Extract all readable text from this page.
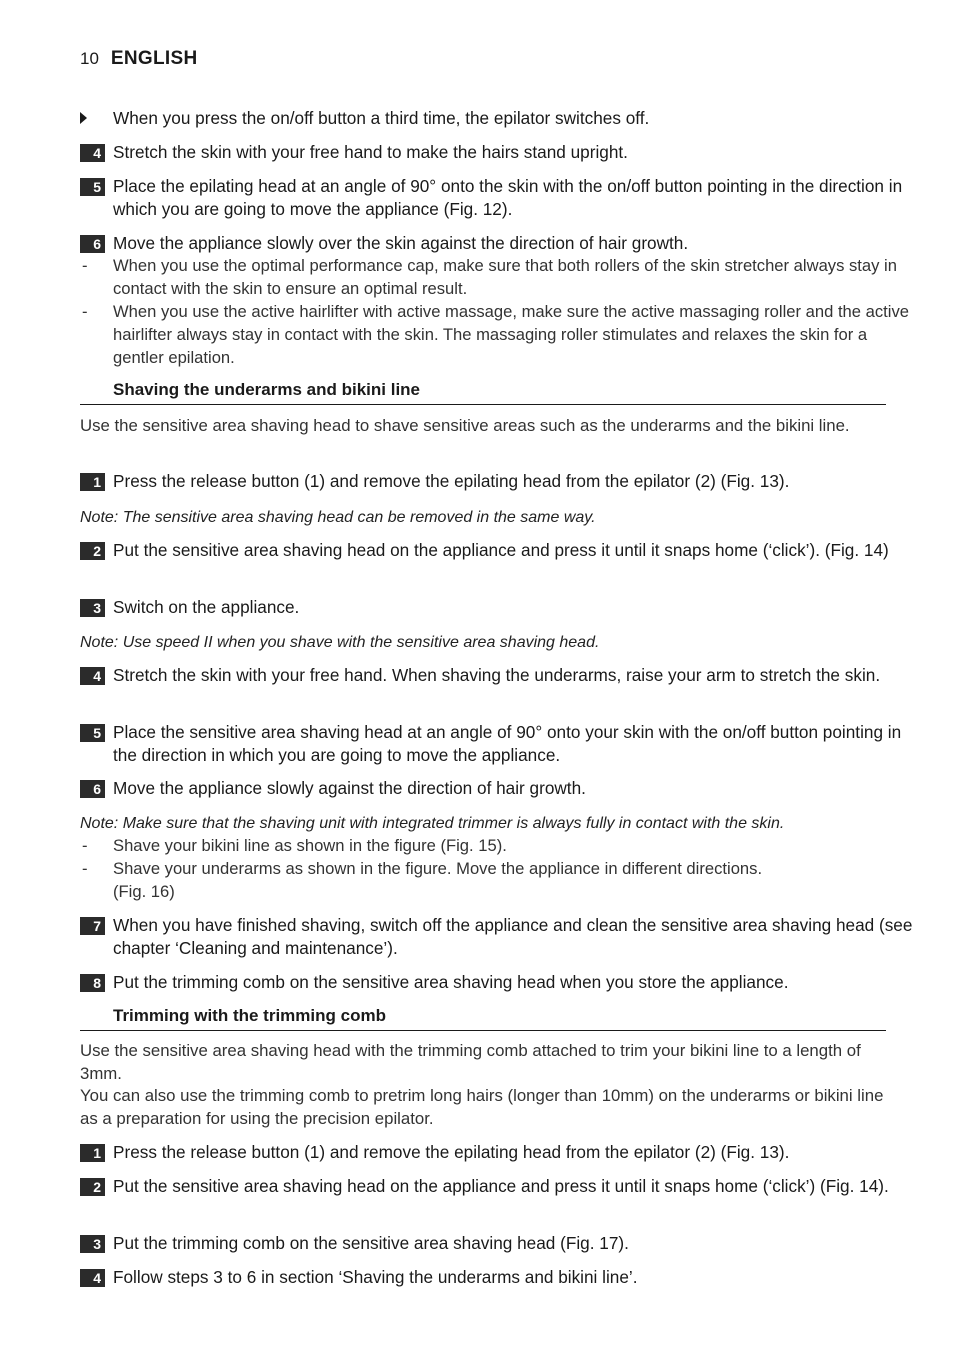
10 ENGLISH
When you press the on/off button a third time, the epilator switches off.
4 Stretch the skin with your free hand to make the hairs stand upright.
5 Place the epilating head at an angle of 90° onto the skin with the on/off button pointing in the direction in which you are going to move the appliance (Fig. 12).
6 Move the appliance slowly over the skin against the direction of hair growth.
- When you use the optimal performance cap, make sure that both rollers of the skin stretcher always stay in contact with the skin to ensure an optimal result.
- When you use the active hairlifter with active massage, make sure the active massaging roller and the active hairlifter always stay in contact with the skin. The massaging roller stimulates and relaxes the skin for a gentler epilation.
Shaving the underarms and bikini line
Use the sensitive area shaving head to shave sensitive areas such as the underarms and the bikini line.
1 Press the release button (1) and remove the epilating head from the epilator (2) (Fig. 13).
Note: The sensitive area shaving head can be removed in the same way.
2 Put the sensitive area shaving head on the appliance and press it until it snaps home (‘click’). (Fig. 14)
3 Switch on the appliance.
Note: Use speed II when you shave with the sensitive area shaving head.
4 Stretch the skin with your free hand. When shaving the underarms, raise your arm to stretch the skin.
5 Place the sensitive area shaving head at an angle of 90° onto your skin with the on/off button pointing in the direction in which you are going to move the appliance.
6 Move the appliance slowly against the direction of hair growth.
Note: Make sure that the shaving unit with integrated trimmer is always fully in contact with the skin.
- Shave your bikini line as shown in the figure (Fig. 15).
- Shave your underarms as shown in the figure. Move the appliance in different directions. (Fig. 16)
7 When you have finished shaving, switch off the appliance and clean the sensitive area shaving head (see chapter ‘Cleaning and maintenance’).
8 Put the trimming comb on the sensitive area shaving head when you store the appliance.
Trimming with the trimming comb
Use the sensitive area shaving head with the trimming comb attached to trim your bikini line to a length of 3mm.
You can also use the trimming comb to pretrim long hairs (longer than 10mm) on the underarms or bikini line as a preparation for using the precision epilator.
1 Press the release button (1) and remove the epilating head from the epilator (2) (Fig. 13).
2 Put the sensitive area shaving head on the appliance and press it until it snaps home (‘click’) (Fig. 14).
3 Put the trimming comb on the sensitive area shaving head (Fig. 17).
4 Follow steps 3 to 6 in section ‘Shaving the underarms and bikini line’.
